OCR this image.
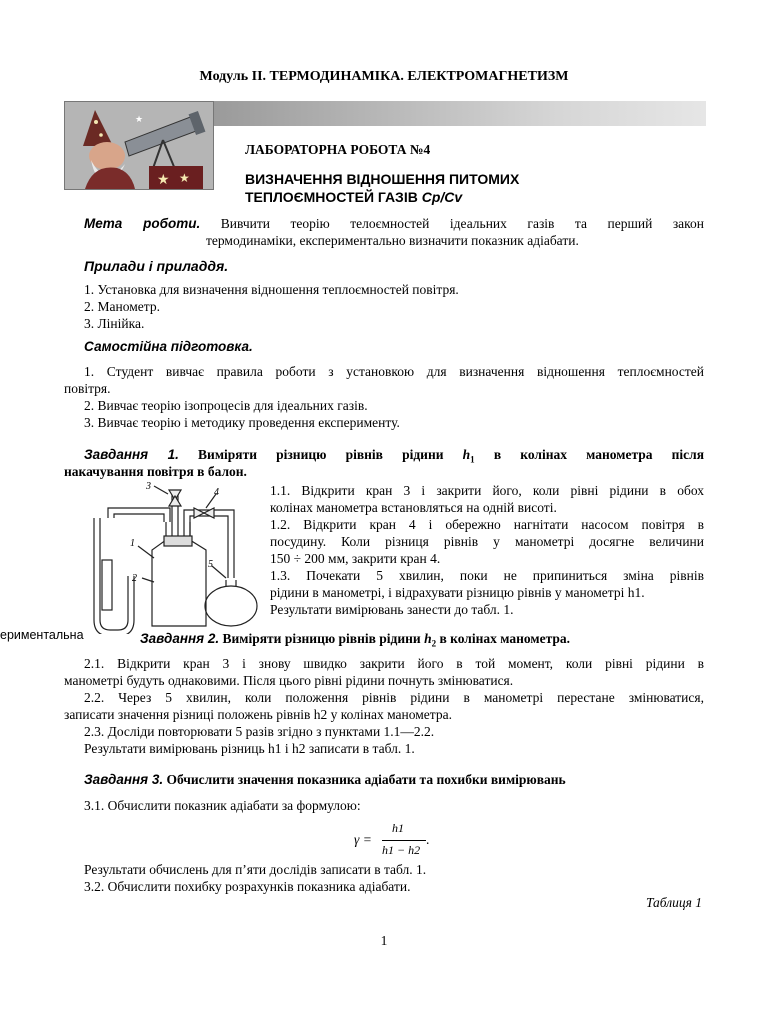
Модуль ІІ. ТЕРМОДИНАМІКА. ЕЛЕКТРОМАГНЕТИЗМ
★ ★
★
ЛАБОРАТОРНА РОБОТА №4
ВИЗНАЧЕННЯ ВІДНОШЕННЯ ПИТОМИХ
ТЕПЛОЄМНОСТЕЙ ГАЗІВ Cp/Cv
Мета роботи. Вивчити теорію телоємностей ідеальних газів та перший закон
термодинаміки, експериментально визначити показник адіабати.
Прилади і приладдя.
1. Установка для визначення відношення теплоємностей повітря.
2. Манометр.
3. Лінійка.
Самостійна підготовка.
1. Студент вивчає правила роботи з установкою для визначення відношення теплоємностей
повітря.
2. Вивчає теорію ізопроцесів для ідеальних газів.
3. Вивчає теорію і методику проведення експерименту.
Завдання 1. Виміряти різницю рівнів рідини $h_1$ в колінах манометра після
накачування повітря в балон.
1
2
3
4
5
1.1. Відкрити кран 3 і закрити його, коли рівні рідини в обох
колінах манометра встановляться на одній висоті.
1.2. Відкрити кран 4 і обережно нагнітати насосом повітря в
посудину. Коли різниця рівнів у манометрі досягне величини
150 ÷ 200 мм, закрити кран 4.
1.3. Почекати 5 хвилин, поки не припиниться зміна рівнів
рідини в манометрі, і відрахувати різницю рівнів у манометрі h1.
Результати вимірювань занести до табл. 1.
ериментальна	Завдання 2. Виміряти різницю рівнів рідини $h_2$ в колінах манометра.
2.1. Відкрити кран 3 і знову швидко закрити його в той момент, коли рівні рідини в
манометрі будуть однаковими. Після цього рівні рідини почнуть змінюватися.
2.2. Через 5 хвилин, коли положення рівнів рідини в манометрі перестане змінюватися,
записати значення різниці положень рівнів h2 у колінах манометра.
2.3. Досліди повторювати 5 разів згідно з пунктами 1.1—2.2.
Результати вимірювань різниць h1 і h2 записати в табл. 1.
Завдання 3. Обчислити значення показника адіабати та похибки вимірювань
3.1. Обчислити показник адіабати за формулою:
γ =
h1
h1 − h2
.
Результати обчислень для п’яти дослідів записати в табл. 1.
3.2. Обчислити похибку розрахунків показника адіабати.
Таблиця 1
1
